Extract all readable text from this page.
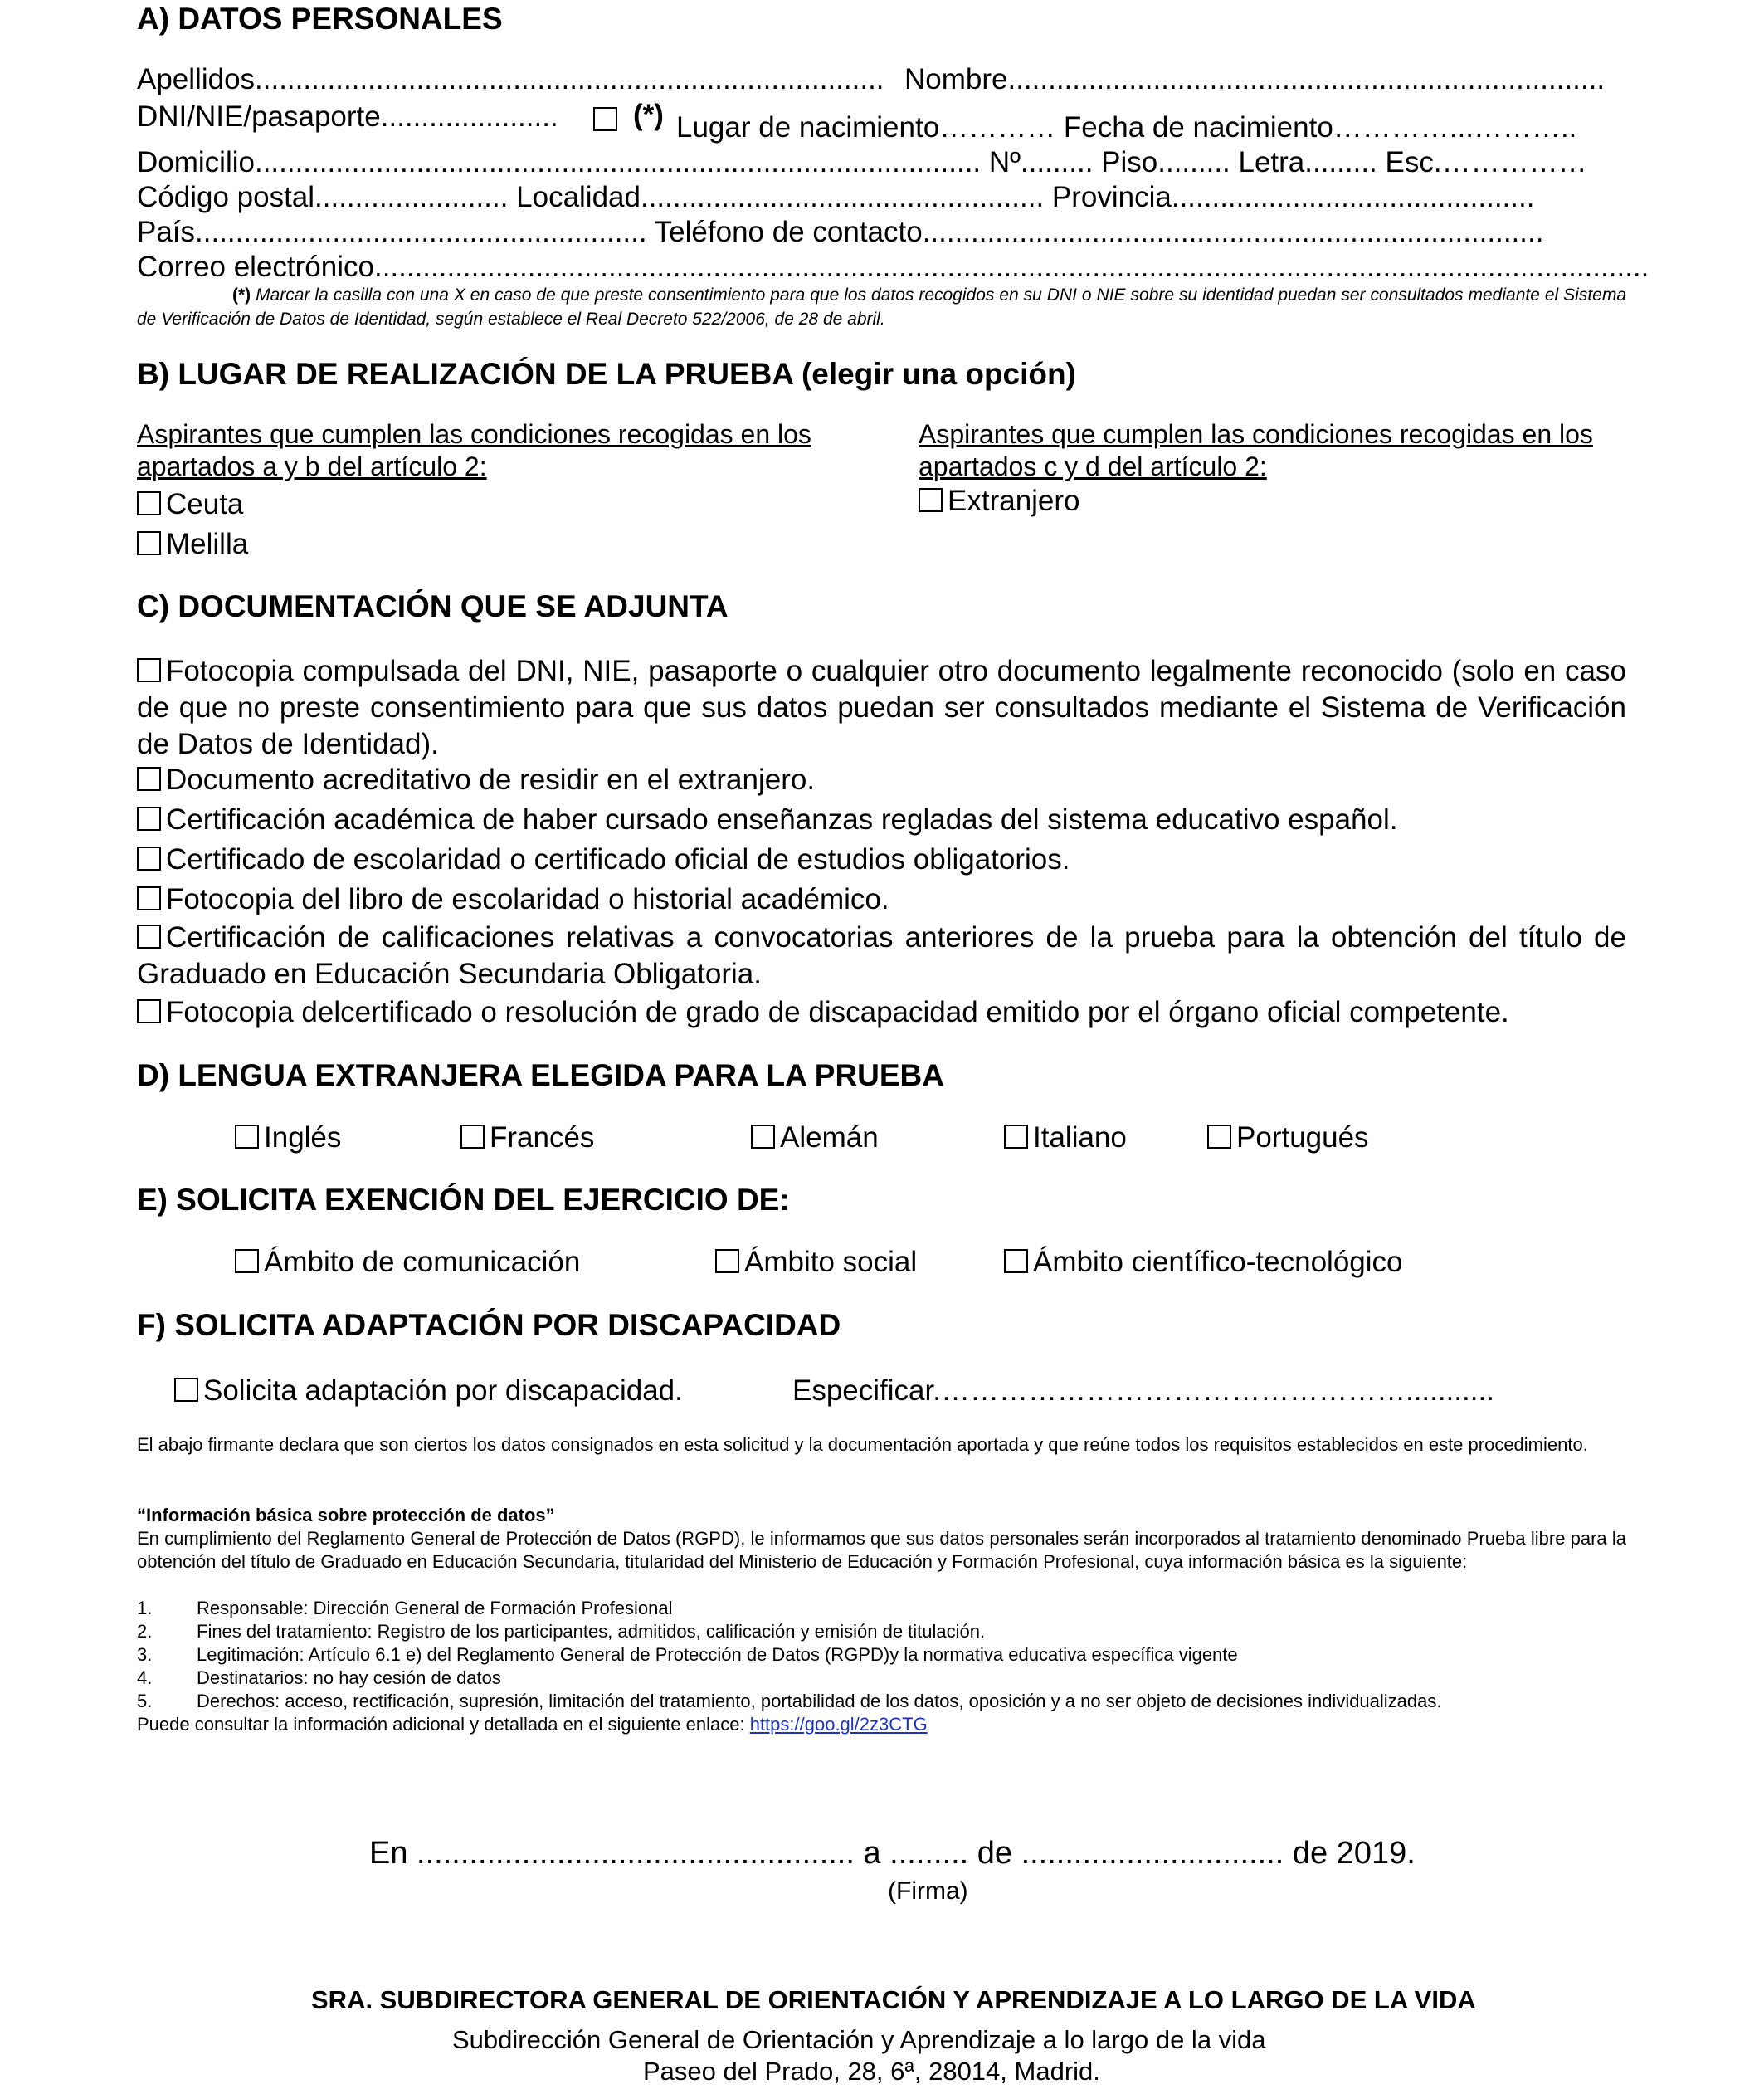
A) DATOS PERSONALES
Apellidos.............................................................................. Nombre..........................................................................
DNI/NIE/pasaporte......................	(*) Lugar de nacimiento………… Fecha de nacimiento…………...………..
Domicilio.......................................................................................... Nº......... Piso......... Letra......... Esc.……………
Código postal........................ Localidad.................................................. Provincia.............................................
País........................................................ Teléfono de contacto.............................................................................
Correo electrónico..............................................................................................................................................................
(*) Marcar la casilla con una X en caso de que preste consentimiento para que los datos recogidos en su DNI o NIE sobre su identidad puedan ser consultados mediante el Sistema de Verificación de Datos de Identidad, según establece el Real Decreto 522/2006, de 28 de abril.
B) LUGAR DE REALIZACIÓN DE LA PRUEBA (elegir una opción)
Aspirantes que cumplen las condiciones recogidas en los apartados a y b del artículo 2:
Ceuta
Melilla
Aspirantes que cumplen las condiciones recogidas en los apartados c y d del artículo 2:
Extranjero
C) DOCUMENTACIÓN QUE SE ADJUNTA
Fotocopia compulsada del DNI, NIE, pasaporte o cualquier otro documento legalmente reconocido (solo en caso de que no preste consentimiento para que sus datos puedan ser consultados mediante el Sistema de Verificación de Datos de Identidad).
Documento acreditativo de residir en el extranjero.
Certificación académica de haber cursado enseñanzas regladas del sistema educativo español.
Certificado de escolaridad o certificado oficial de estudios obligatorios.
Fotocopia del libro de escolaridad o historial académico.
Certificación de calificaciones relativas a convocatorias anteriores de la prueba para la obtención del título de Graduado en Educación Secundaria Obligatoria.
Fotocopia delcertificado o resolución de grado de discapacidad emitido por el órgano oficial competente.
D) LENGUA EXTRANJERA ELEGIDA PARA LA PRUEBA
Inglés	Francés	Alemán	Italiano	Portugués
E) SOLICITA EXENCIÓN DEL EJERCICIO DE:
Ámbito de comunicación	Ámbito social	Ámbito científico-tecnológico
F) SOLICITA ADAPTACIÓN POR DISCAPACIDAD
Solicita adaptación por discapacidad.	Especificar.…………………………………………...........
El abajo firmante declara que son ciertos los datos consignados en esta solicitud y la documentación aportada y que reúne todos los requisitos establecidos en este procedimiento.
“Información básica sobre protección de datos”
En cumplimiento del Reglamento General de Protección de Datos (RGPD), le informamos que sus datos personales serán incorporados al tratamiento denominado Prueba libre para la obtención del título de Graduado en Educación Secundaria, titularidad del Ministerio de Educación y Formación Profesional, cuya información básica es la siguiente:
1. Responsable: Dirección General de Formación Profesional
2. Fines del tratamiento: Registro de los participantes, admitidos, calificación y emisión de titulación.
3. Legitimación: Artículo 6.1 e) del Reglamento General de Protección de Datos (RGPD)y la normativa educativa específica vigente
4. Destinatarios: no hay cesión de datos
5. Derechos: acceso, rectificación, supresión, limitación del tratamiento, portabilidad de los datos, oposición y a no ser objeto de decisiones individualizadas.
Puede consultar la información adicional y detallada en el siguiente enlace: https://goo.gl/2z3CTG
En .................................................. a ......... de .............................. de 2019.
(Firma)
SRA. SUBDIRECTORA GENERAL DE ORIENTACIÓN Y APRENDIZAJE A LO LARGO DE LA VIDA
Subdirección General de Orientación y Aprendizaje a lo largo de la vida
Paseo del Prado, 28, 6ª, 28014, Madrid.
